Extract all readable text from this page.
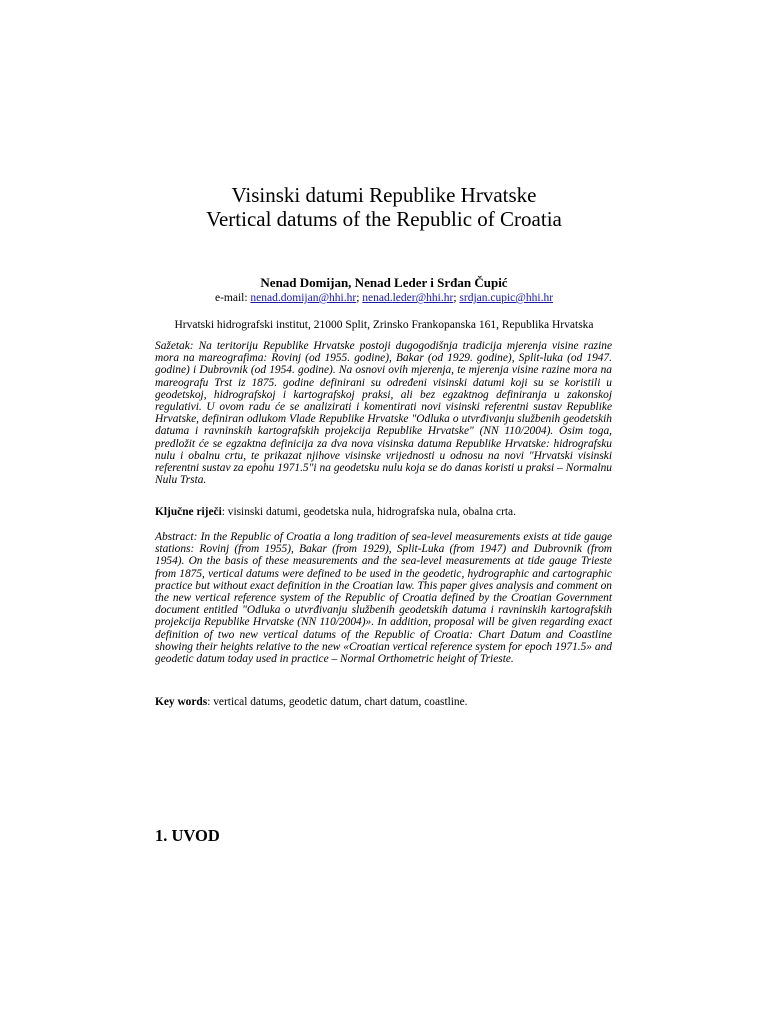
Visinski datumi Republike Hrvatske
Vertical datums of the Republic of Croatia
Nenad Domijan, Nenad Leder i Srđan Čupić
e-mail: nenad.domijan@hhi.hr; nenad.leder@hhi.hr; srdjan.cupic@hhi.hr
Hrvatski hidrografski institut, 21000 Split, Zrinsko Frankopanska 161, Republika Hrvatska
Sažetak: Na teritoriju Republike Hrvatske postoji dugogodišnja tradicija mjerenja visine razine mora na mareografima: Rovinj (od 1955. godine), Bakar (od 1929. godine), Split-luka (od 1947. godine) i Dubrovnik (od 1954. godine). Na osnovi ovih mjerenja, te mjerenja visine razine mora na mareografu Trst iz 1875. godine definirani su određeni visinski datumi koji su se koristili u geodetskoj, hidrografskoj i kartografskoj praksi, ali bez egzaktnog definiranja u zakonskoj regulativi. U ovom radu će se analizirati i komentirati novi visinski referentni sustav Republike Hrvatske, definiran odlukom Vlade Republike Hrvatske "Odluka o utvrđivanju službenih geodetskih datuma i ravninskih kartografskih projekcija Republike Hrvatske" (NN 110/2004). Osim toga, predložit će se egzaktna definicija za dva nova visinska datuma Republike Hrvatske: hidrografsku nulu i obalnu crtu, te prikazat njihove visinske vrijednosti u odnosu na novi "Hrvatski visinski referentni sustav za epohu 1971.5"i na geodetsku nulu koja se do danas koristi u praksi – Normalnu Nulu Trsta.
Ključne riječi: visinski datumi, geodetska nula, hidrografska nula, obalna crta.
Abstract: In the Republic of Croatia a long tradition of sea-level measurements exists at tide gauge stations: Rovinj (from 1955), Bakar (from 1929), Split-Luka (from 1947) and Dubrovnik (from 1954). On the basis of these measurements and the sea-level measurements at tide gauge Trieste from 1875, vertical datums were defined to be used in the geodetic, hydrographic and cartographic practice but without exact definition in the Croatian law. This paper gives analysis and comment on the new vertical reference system of the Republic of Croatia defined by the Croatian Government document entitled "Odluka o utvrđivanju službenih geodetskih datuma i ravninskih kartografskih projekcija Republike Hrvatske (NN 110/2004)». In addition, proposal will be given regarding exact definition of two new vertical datums of the Republic of Croatia: Chart Datum and Coastline showing their heights relative to the new «Croatian vertical reference system for epoch 1971.5» and geodetic datum today used in practice – Normal Orthometric height of Trieste.
Key words: vertical datums, geodetic datum, chart datum, coastline.
1. UVOD
